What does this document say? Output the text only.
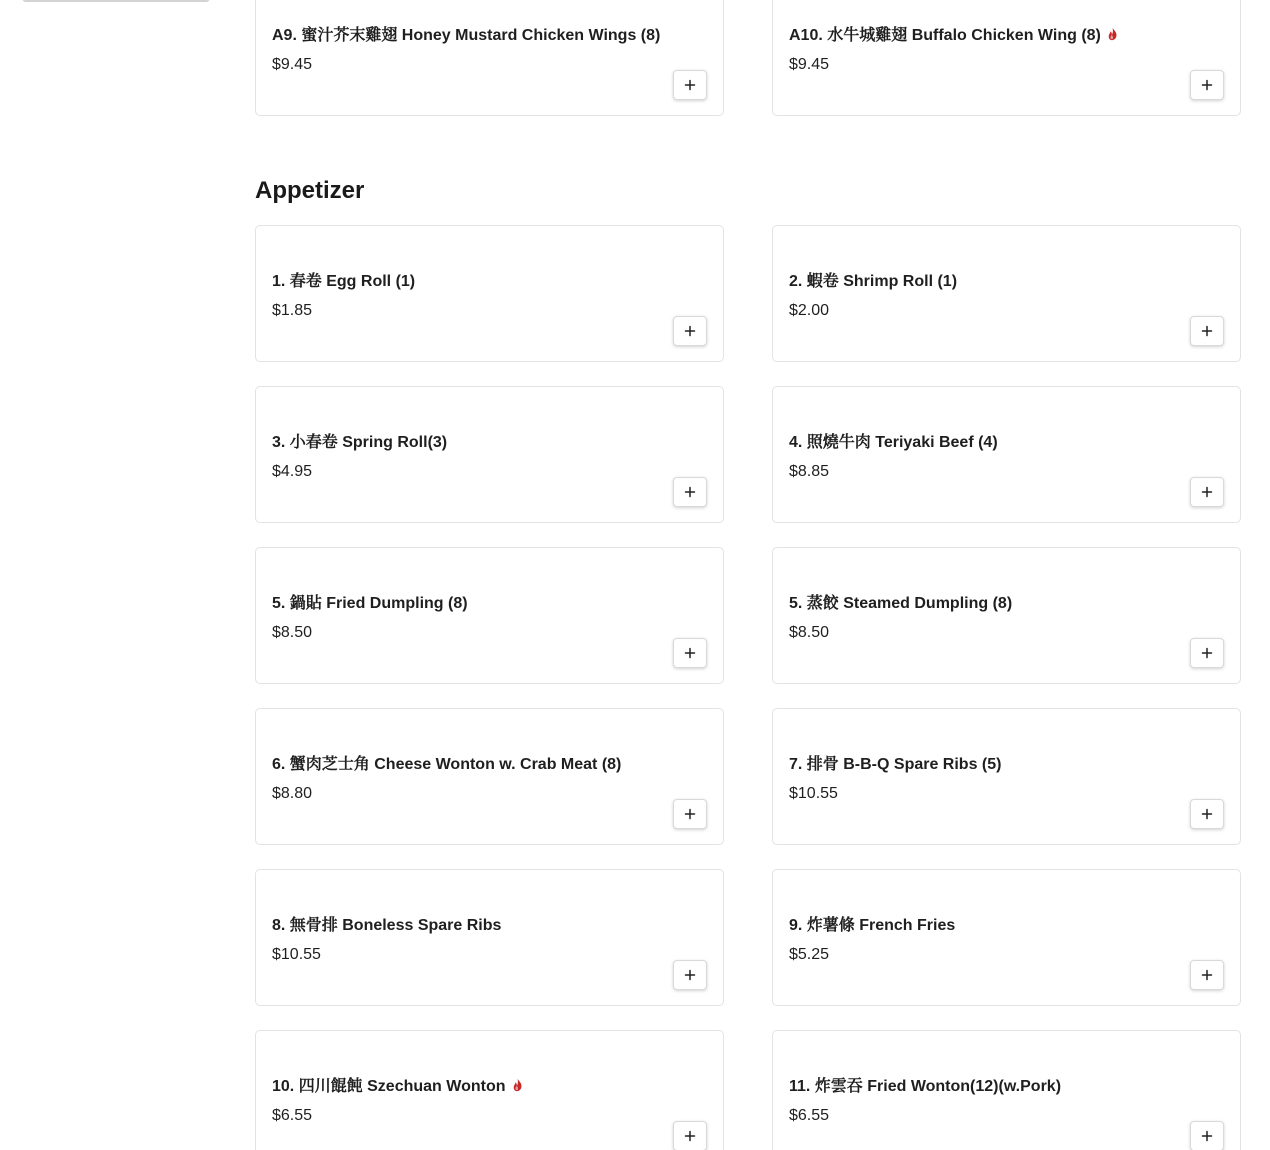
A9. 蜜汁芥末雞翅 Honey Mustard Chicken Wings (8)
$9.45
A10. 水牛城雞翅 Buffalo Chicken Wing (8)
$9.45
Appetizer
1. 春卷 Egg Roll (1)
$1.85
2. 蝦卷 Shrimp Roll (1)
$2.00
3. 小春卷 Spring Roll(3)
$4.95
4. 照燒牛肉 Teriyaki Beef (4)
$8.85
5. 鍋貼 Fried Dumpling (8)
$8.50
5. 蒸餃 Steamed Dumpling (8)
$8.50
6. 蟹肉芝士角 Cheese Wonton w. Crab Meat (8)
$8.80
7. 排骨 B-B-Q Spare Ribs (5)
$10.55
8. 無骨排 Boneless Spare Ribs
$10.55
9. 炸薯條 French Fries
$5.25
10. 四川餛飩 Szechuan Wonton
$6.55
11. 炸雲吞 Fried Wonton(12)(w.Pork)
$6.55
